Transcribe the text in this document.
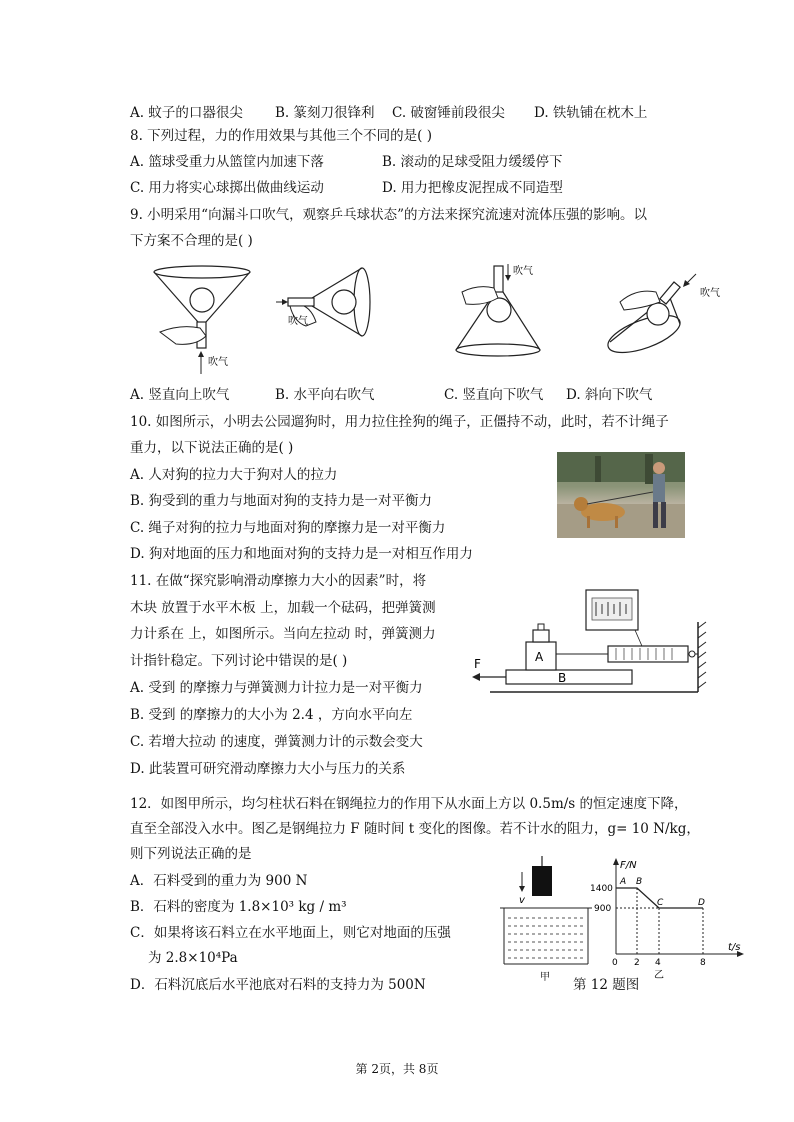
A. 蚊子的口器很尖 B. 篆刻刀很锋利 C. 破窗锤前段很尖 D. 铁轨铺在枕木上
8. 下列过程，力的作用效果与其他三个不同的是( )
A. 篮球受重力从篮筐内加速下落	B. 滚动的足球受阻力缓缓停下
C. 用力将实心球掷出做曲线运动	D. 用力把橡皮泥捏成不同造型
9. 小明采用“向漏斗口吹气，观察乒乓球状态”的方法来探究流速对流体压强的影响。以
下方案不合理的是( )
吹气
吹气
吹气
吹气
A. 竖直向上吹气	B. 水平向右吹气	C. 竖直向下吹气 D. 斜向下吹气
10. 如图所示，小明去公园遛狗时，用力拉住拴狗的绳子，正僵持不动，此时，若不计绳子
重力，以下说法正确的是( )
A. 人对狗的拉力大于狗对人的拉力
B. 狗受到的重力与地面对狗的支持力是一对平衡力
C. 绳子对狗的拉力与地面对狗的摩擦力是一对平衡力
D. 狗对地面的压力和地面对狗的支持力是一对相互作用力
11. 在做“探究影响滑动摩擦力大小的因素”时，将
木块 放置于水平木板 上，加载一个砝码，把弹簧测
力计系在 上，如图所示。当向左拉动 时，弹簧测力
计指针稳定。下列讨论中错误的是( )
A. 受到 的摩擦力与弹簧测力计拉力是一对平衡力
B. 受到 的摩擦力的大小为 2.4 ，方向水平向左
C. 若增大拉动 的速度，弹簧测力计的示数会变大
D. 此装置可研究滑动摩擦力大小与压力的关系
B
A
F
12．如图甲所示，均匀柱状石料在钢绳拉力的作用下从水面上方以 0.5m/s 的恒定速度下降，
直至全部没入水中。图乙是钢绳拉力 F 随时间 t 变化的图像。若不计水的阻力，g= 10 N/kg，
则下列说法正确的是
A．石料受到的重力为 900 N
B．石料的密度为 1.8×10³ kg / m³
C．如果将该石料立在水平地面上，则它对地面的压强
为 2.8×10⁴Pa
D．石料沉底后水平池底对石料的支持力为 500N
v
甲
F/N
t/s
1400
900
0 2 4	8
A B
C	D
乙
第 12 题图
第 2页，共 8页
